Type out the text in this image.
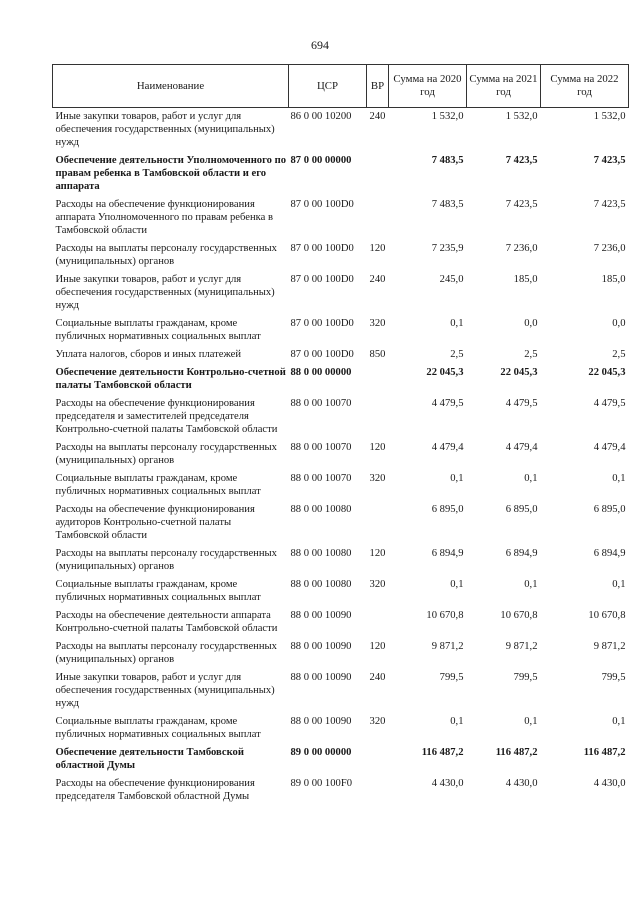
694
Наименование	ЦСР	ВР	Сумма на 2020 год	Сумма на 2021 год	Сумма на 2022 год
Иные закупки товаров, работ и услуг для обеспечения государственных (муниципальных) нужд	86 0 00 10200	240	1 532,0	1 532,0	1 532,0
Обеспечение деятельности Уполномоченного по правам ребенка в Тамбовской области и его аппарата	87 0 00 00000		7 483,5	7 423,5	7 423,5
Расходы на обеспечение функционирования аппарата Уполномоченного по правам ребенка в Тамбовской области	87 0 00 100D0		7 483,5	7 423,5	7 423,5
Расходы на выплаты персоналу государственных (муниципальных) органов	87 0 00 100D0	120	7 235,9	7 236,0	7 236,0
Иные закупки товаров, работ и услуг для обеспечения государственных (муниципальных) нужд	87 0 00 100D0	240	245,0	185,0	185,0
Социальные выплаты гражданам, кроме публичных нормативных социальных выплат	87 0 00 100D0	320	0,1	0,0	0,0
Уплата налогов, сборов и иных платежей	87 0 00 100D0	850	2,5	2,5	2,5
Обеспечение деятельности Контрольно-счетной палаты Тамбовской области	88 0 00 00000		22 045,3	22 045,3	22 045,3
Расходы на обеспечение функционирования председателя и заместителей председателя Контрольно-счетной палаты Тамбовской области	88 0 00 10070		4 479,5	4 479,5	4 479,5
Расходы на выплаты персоналу государственных (муниципальных) органов	88 0 00 10070	120	4 479,4	4 479,4	4 479,4
Социальные выплаты гражданам, кроме публичных нормативных социальных выплат	88 0 00 10070	320	0,1	0,1	0,1
Расходы на обеспечение функционирования аудиторов Контрольно-счетной палаты Тамбовской области	88 0 00 10080		6 895,0	6 895,0	6 895,0
Расходы на выплаты персоналу государственных (муниципальных) органов	88 0 00 10080	120	6 894,9	6 894,9	6 894,9
Социальные выплаты гражданам, кроме публичных нормативных социальных выплат	88 0 00 10080	320	0,1	0,1	0,1
Расходы на обеспечение деятельности аппарата Контрольно-счетной палаты Тамбовской области	88 0 00 10090		10 670,8	10 670,8	10 670,8
Расходы на выплаты персоналу государственных (муниципальных) органов	88 0 00 10090	120	9 871,2	9 871,2	9 871,2
Иные закупки товаров, работ и услуг для обеспечения государственных (муниципальных) нужд	88 0 00 10090	240	799,5	799,5	799,5
Социальные выплаты гражданам, кроме публичных нормативных социальных выплат	88 0 00 10090	320	0,1	0,1	0,1
Обеспечение деятельности Тамбовской областной Думы	89 0 00 00000		116 487,2	116 487,2	116 487,2
Расходы на обеспечение функционирования председателя Тамбовской областной Думы	89 0 00 100F0		4 430,0	4 430,0	4 430,0
